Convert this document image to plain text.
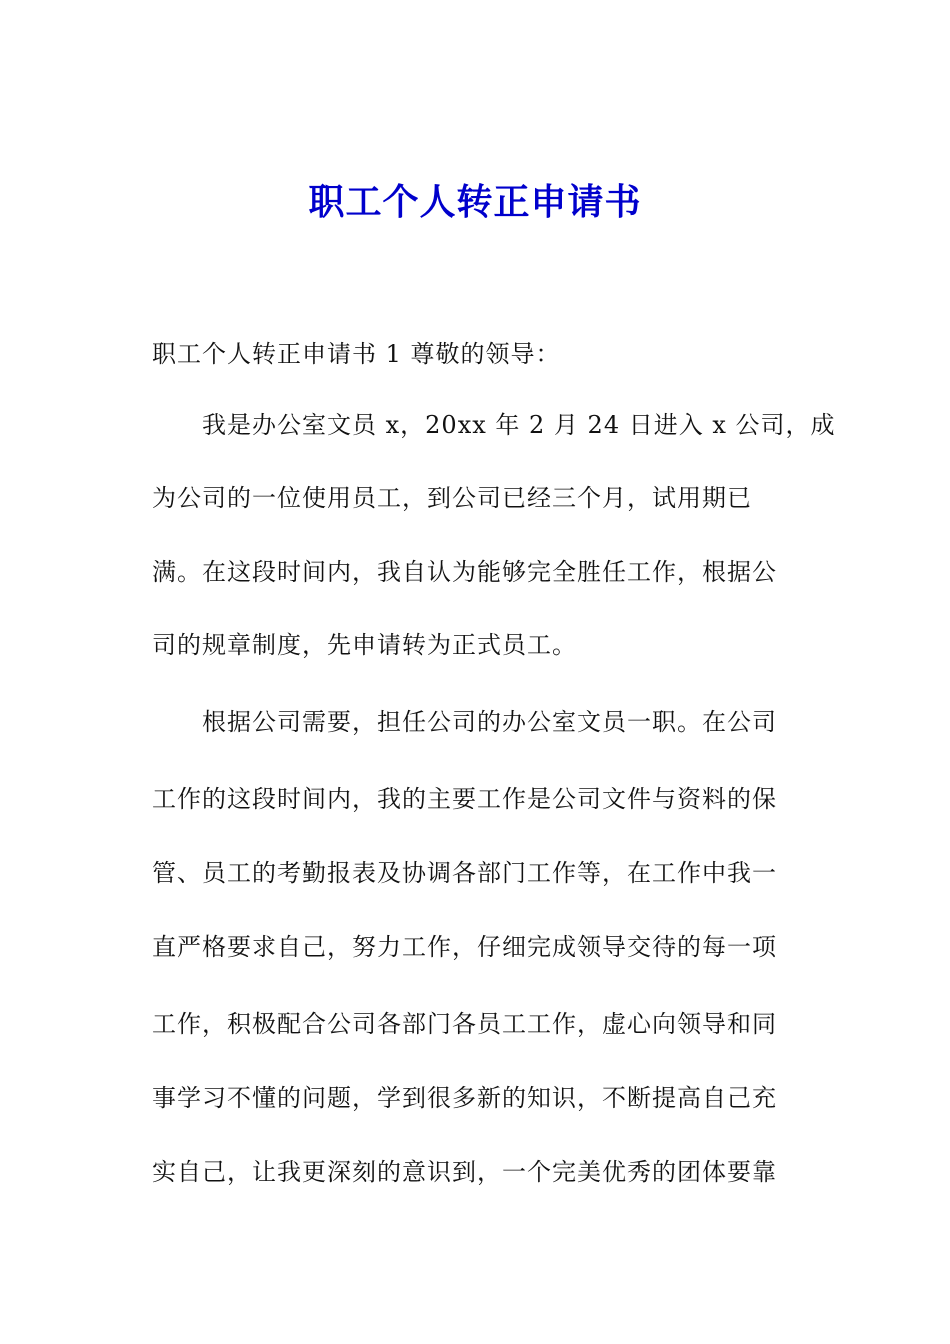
职工个人转正申请书
职工个人转正申请书 1 尊敬的领导：
我是办公室文员 x，20xx 年 2 月 24 日进入 x 公司，成
为公司的一位使用员工，到公司已经三个月，试用期已
满。在这段时间内，我自认为能够完全胜任工作，根据公
司的规章制度，先申请转为正式员工。
根据公司需要，担任公司的办公室文员一职。在公司
工作的这段时间内，我的主要工作是公司文件与资料的保
管、员工的考勤报表及协调各部门工作等，在工作中我一
直严格要求自己，努力工作，仔细完成领导交待的每一项
工作，积极配合公司各部门各员工工作，虚心向领导和同
事学习不懂的问题，学到很多新的知识，不断提高自己充
实自己，让我更深刻的意识到，一个完美优秀的团体要靠
